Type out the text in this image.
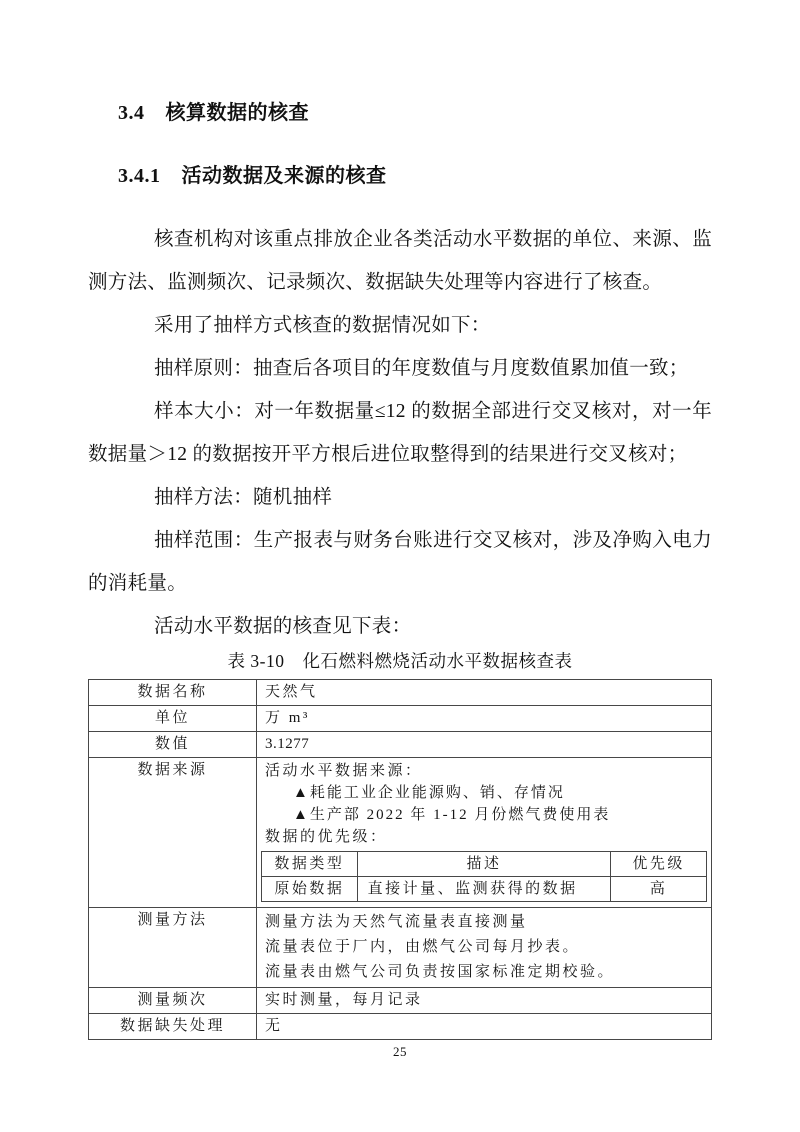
3.4 核算数据的核查
3.4.1 活动数据及来源的核查

核查机构对该重点排放企业各类活动水平数据的单位、来源、监测方法、监测频次、记录频次、数据缺失处理等内容进行了核查。

采用了抽样方式核查的数据情况如下：

抽样原则：抽查后各项目的年度数值与月度数值累加值一致；

样本大小：对一年数据量≤12 的数据全部进行交叉核对，对一年数据量＞12 的数据按开平方根后进位取整得到的结果进行交叉核对；

抽样方法：随机抽样

抽样范围：生产报表与财务台账进行交叉核对，涉及净购入电力的消耗量。

活动水平数据的核查见下表：

表 3-10　化石燃料燃烧活动水平数据核查表
数据名称	天然气
单位	万 m³
数值	3.1277
数据来源	活动水平数据来源：
▲耗能工业企业能源购、销、存情况
▲生产部 2022 年 1-12 月份燃气费使用表
数据的优先级：
数据类型	描述	优先级
原始数据	直接计量、监测获得的数据	高

测量方法	测量方法为天然气流量表直接测量
流量表位于厂内，由燃气公司每月抄表。
流量表由燃气公司负责按国家标准定期校验。

测量频次	实时测量，每月记录
数据缺失处理	无
25
